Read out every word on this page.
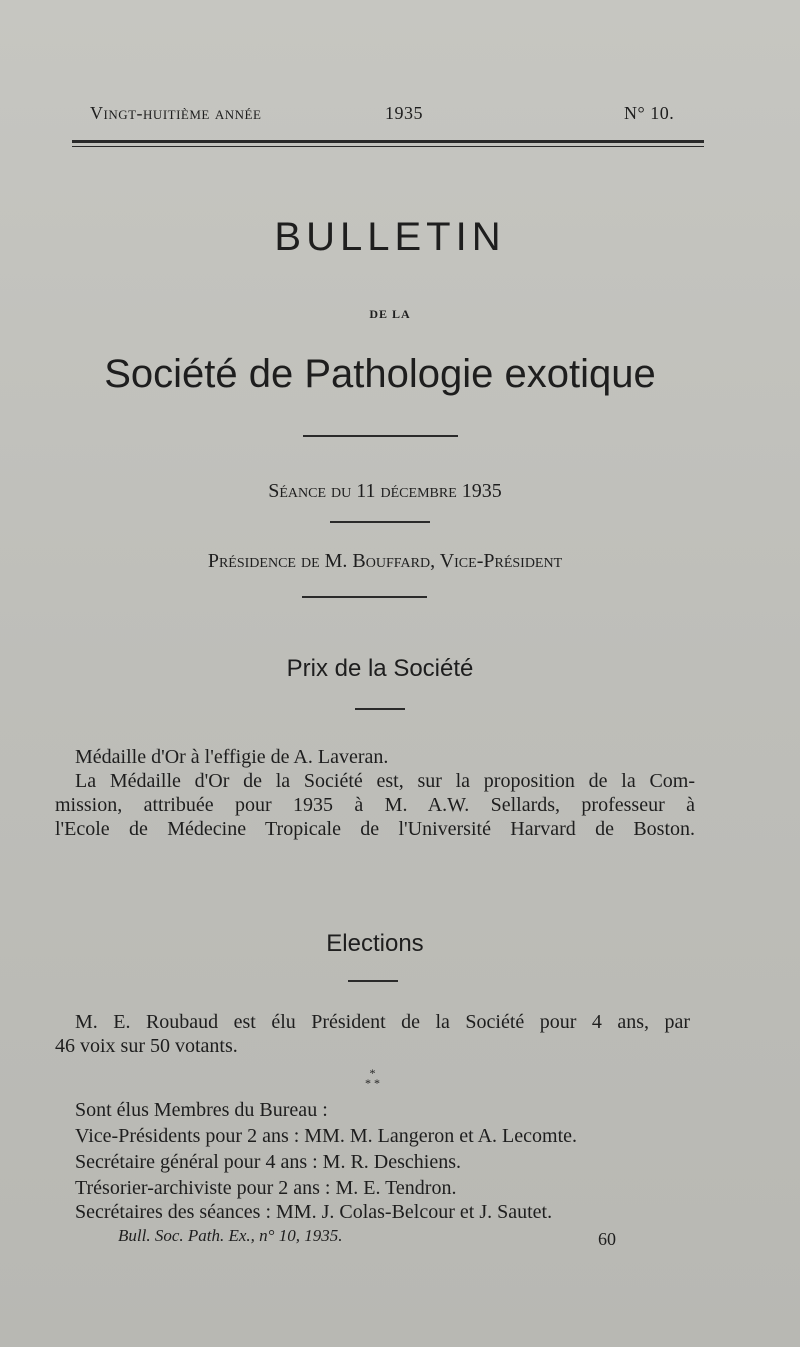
Vingt-huitième année	1935	N° 10.
BULLETIN
DE LA
Société de Pathologie exotique
Séance du 11 décembre 1935
Présidence de M. Bouffard, Vice-Président
Prix de la Société
Médaille d'Or à l'effigie de A. Laveran.
La Médaille d'Or de la Société est, sur la proposition de la Com-
mission, attribuée pour 1935 à M. A.W. Sellards, professeur à
l'Ecole de Médecine Tropicale de l'Université Harvard de Boston.
Elections
M. E. Roubaud est élu Président de la Société pour 4 ans, par
46 voix sur 50 votants.
*
* *
Sont élus Membres du Bureau :
Vice-Présidents pour 2 ans : MM. M. Langeron et A. Lecomte.
Secrétaire général pour 4 ans : M. R. Deschiens.
Trésorier-archiviste pour 2 ans : M. E. Tendron.
Secrétaires des séances : MM. J. Colas-Belcour et J. Sautet.
Bull. Soc. Path. Ex., n° 10, 1935.	60
